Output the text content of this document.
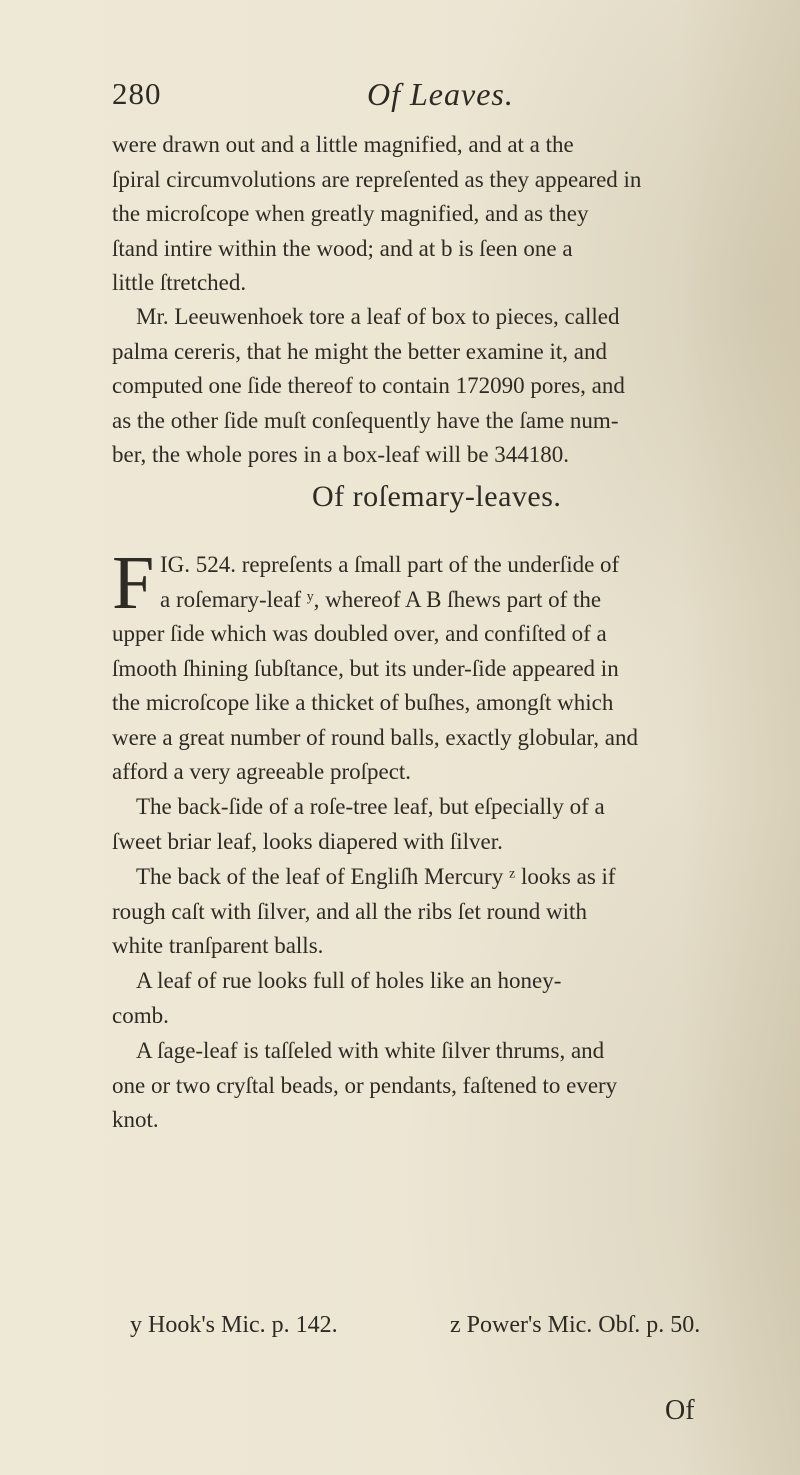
280	Of Leaves.

were drawn out and a little magnified, and at a the
ſpiral circumvolutions are repreſented as they appeared in
the microſcope when greatly magnified, and as they
ſtand intire within the wood; and at b is ſeen one a
little ſtretched.

Mr. Leeuwenhoek tore a leaf of box to pieces, called
palma cereris, that he might the better examine it, and
computed one ſide thereof to contain 172090 pores, and
as the other ſide muſt conſequently have the ſame num-
ber, the whole pores in a box-leaf will be 344180.

Of roſemary-leaves.
F IG. 524. repreſents a ſmall part of the underſide of
a roſemary-leaf ʸ, whereof A B ſhews part of the
upper ſide which was doubled over, and confiſted of a
ſmooth ſhining ſubſtance, but its under-ſide appeared in
the microſcope like a thicket of buſhes, amongſt which
were a great number of round balls, exactly globular, and
afford a very agreeable proſpect.

The back-ſide of a roſe-tree leaf, but eſpecially of a
ſweet briar leaf, looks diapered with ſilver.

The back of the leaf of Engliſh Mercury ᶻ looks as if
rough caſt with ſilver, and all the ribs ſet round with
white tranſparent balls.

A leaf of rue looks full of holes like an honey-
comb.

A ſage-leaf is taſſeled with white ſilver thrums, and
one or two cryſtal beads, or pendants, faſtened to every
knot.

y Hook's Mic. p. 142.	z Power's Mic. Obſ. p. 50.
Of
